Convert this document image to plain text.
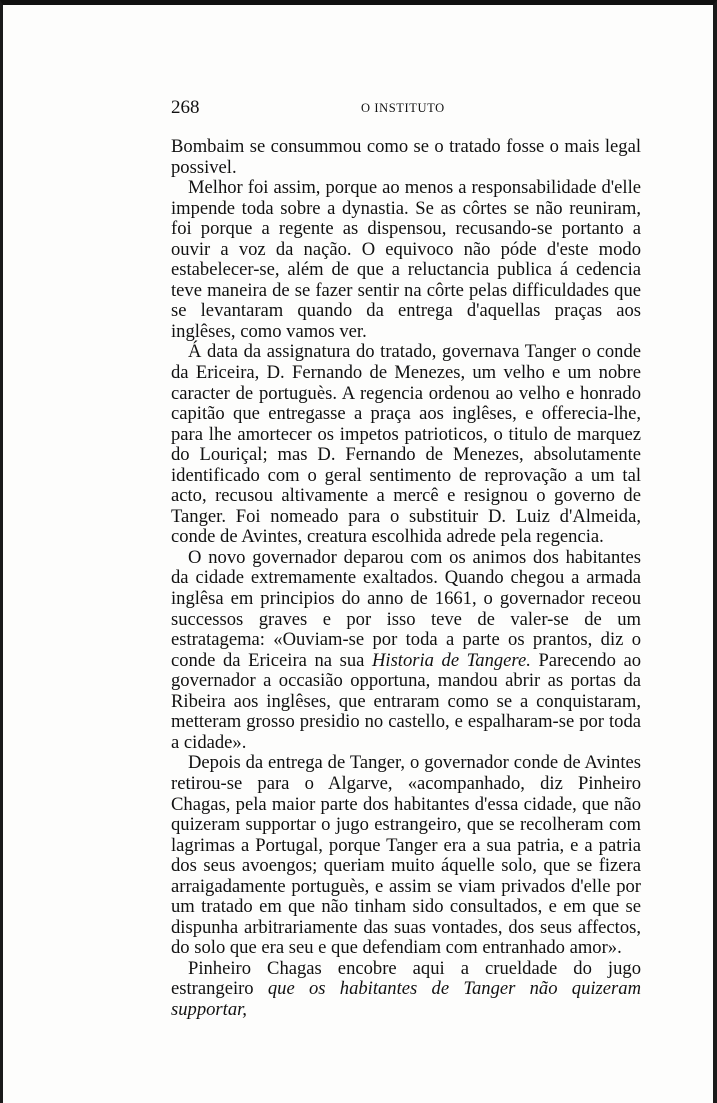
268	O INSTITUTO

Bombaim se consummou como se o tratado fosse o mais legal possivel.

Melhor foi assim, porque ao menos a responsabilidade d'elle impende toda sobre a dynastia. Se as côrtes se não reuniram, foi porque a regente as dispensou, recusando-se portanto a ouvir a voz da nação. O equivoco não póde d'este modo estabelecer-se, além de que a reluctancia publica á cedencia teve maneira de se fazer sentir na côrte pelas difficuldades que se levantaram quando da entrega d'aquellas praças aos inglêses, como vamos ver.

Á data da assignatura do tratado, governava Tanger o conde da Ericeira, D. Fernando de Menezes, um velho e um nobre caracter de portuguès. A regencia ordenou ao velho e honrado capitão que entregasse a praça aos inglêses, e offerecia-lhe, para lhe amortecer os impetos patrioticos, o titulo de marquez do Louriçal; mas D. Fernando de Menezes, absolutamente identificado com o geral sentimento de reprovação a um tal acto, recusou altivamente a mercê e resignou o governo de Tanger. Foi nomeado para o substituir D. Luiz d'Almeida, conde de Avintes, creatura escolhida adrede pela regencia.

O novo governador deparou com os animos dos habitantes da cidade extremamente exaltados. Quando chegou a armada inglêsa em principios do anno de 1661, o governador receou successos graves e por isso teve de valer-se de um estratagema: «Ouviam-se por toda a parte os prantos, diz o conde da Ericeira na sua Historia de Tangere. Parecendo ao governador a occasião opportuna, mandou abrir as portas da Ribeira aos inglêses, que entraram como se a conquistaram, metteram grosso presidio no castello, e espalharam-se por toda a cidade».

Depois da entrega de Tanger, o governador conde de Avintes retirou-se para o Algarve, «acompanhado, diz Pinheiro Chagas, pela maior parte dos habitantes d'essa cidade, que não quizeram supportar o jugo estrangeiro, que se recolheram com lagrimas a Portugal, porque Tanger era a sua patria, e a patria dos seus avoengos; queriam muito áquelle solo, que se fizera arraigadamente portuguès, e assim se viam privados d'elle por um tratado em que não tinham sido consultados, e em que se dispunha arbitrariamente das suas vontades, dos seus affectos, do solo que era seu e que defendiam com entranhado amor».

Pinheiro Chagas encobre aqui a crueldade do jugo estrangeiro que os habitantes de Tanger não quizeram supportar,
